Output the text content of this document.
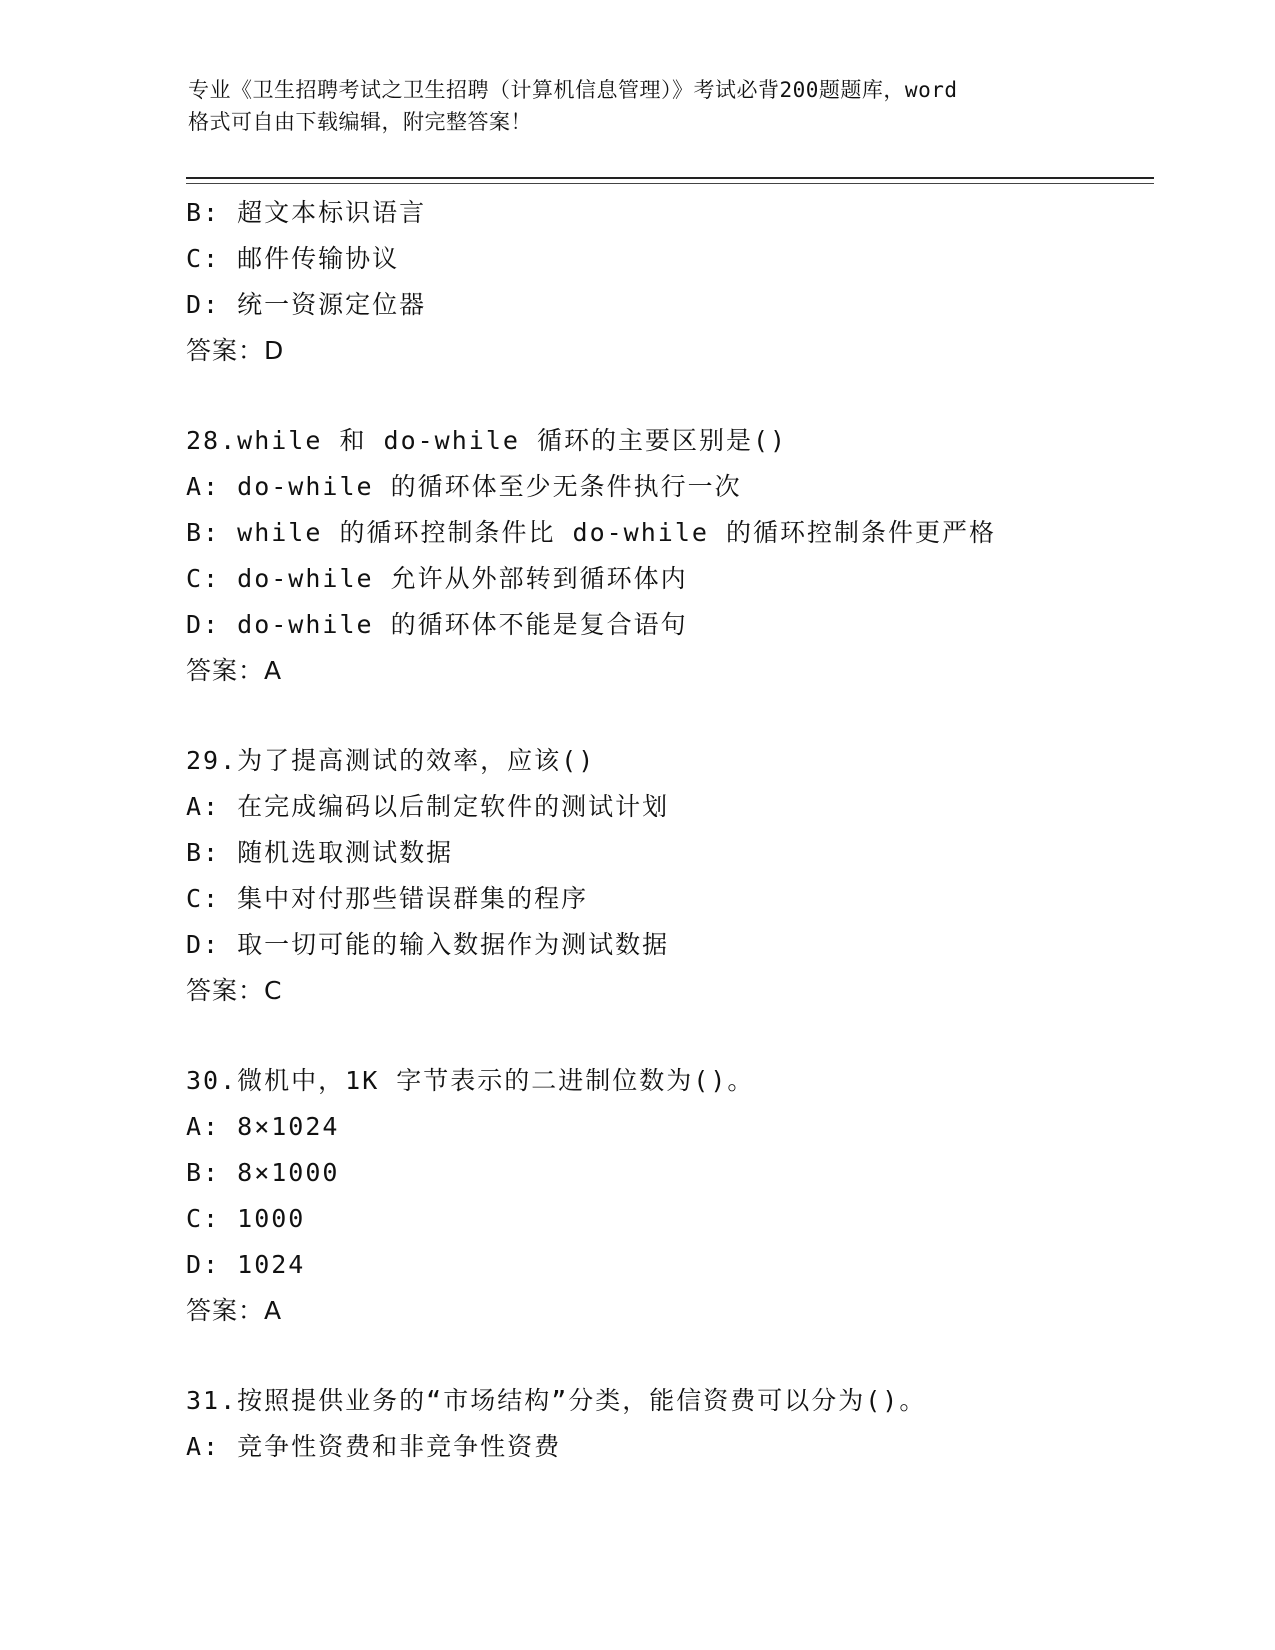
专业《卫生招聘考试之卫生招聘（计算机信息管理）》考试必背200题题库，word
格式可自由下载编辑，附完整答案！
B: 超文本标识语言
C: 邮件传输协议
D: 统一资源定位器
答案：D
28.while 和 do-while 循环的主要区别是()
A: do-while 的循环体至少无条件执行一次
B: while 的循环控制条件比 do-while 的循环控制条件更严格
C: do-while 允许从外部转到循环体内
D: do-while 的循环体不能是复合语句
答案：A
29.为了提高测试的效率，应该()
A: 在完成编码以后制定软件的测试计划
B: 随机选取测试数据
C: 集中对付那些错误群集的程序
D: 取一切可能的输入数据作为测试数据
答案：C
30.微机中，1K 字节表示的二进制位数为()。
A: 8×1024
B: 8×1000
C: 1000
D: 1024
答案：A
31.按照提供业务的“市场结构”分类，能信资费可以分为()。
A: 竞争性资费和非竞争性资费
